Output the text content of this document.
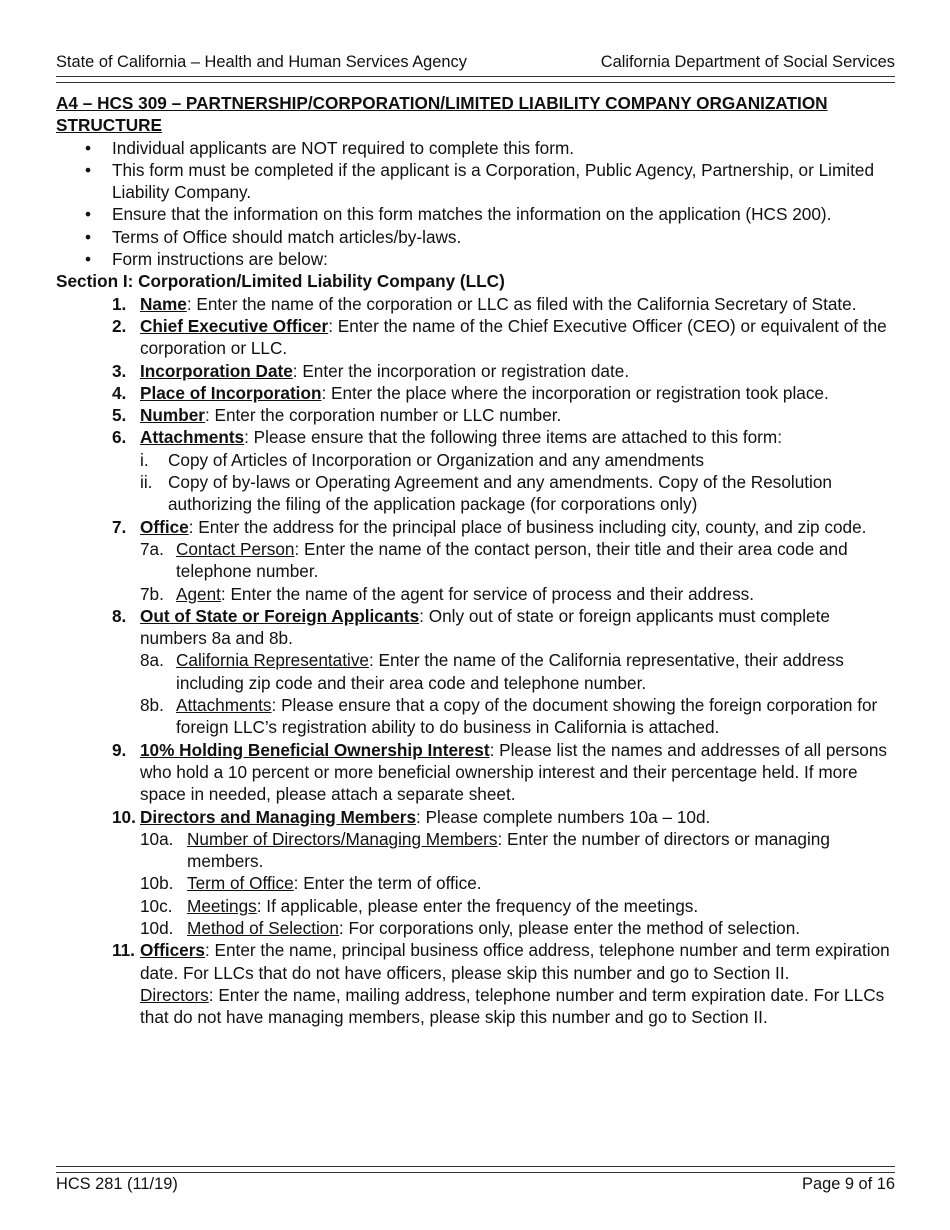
State of California – Health and Human Services Agency	California Department of Social Services

A4 – HCS 309 – PARTNERSHIP/CORPORATION/LIMITED LIABILITY COMPANY ORGANIZATION STRUCTURE

• Individual applicants are NOT required to complete this form.
• This form must be completed if the applicant is a Corporation, Public Agency, Partnership, or Limited Liability Company.
• Ensure that the information on this form matches the information on the application (HCS 200).
• Terms of Office should match articles/by-laws.
• Form instructions are below:
Section I: Corporation/Limited Liability Company (LLC)
1. Name: Enter the name of the corporation or LLC as filed with the California Secretary of State.
2. Chief Executive Officer: Enter the name of the Chief Executive Officer (CEO) or equivalent of the corporation or LLC.
3. Incorporation Date: Enter the incorporation or registration date.
4. Place of Incorporation: Enter the place where the incorporation or registration took place.
5. Number: Enter the corporation number or LLC number.
6. Attachments: Please ensure that the following three items are attached to this form:
i. Copy of Articles of Incorporation or Organization and any amendments
ii. Copy of by-laws or Operating Agreement and any amendments. Copy of the Resolution authorizing the filing of the application package (for corporations only)
7. Office: Enter the address for the principal place of business including city, county, and zip code.
7a. Contact Person: Enter the name of the contact person, their title and their area code and telephone number.
7b. Agent: Enter the name of the agent for service of process and their address.
8. Out of State or Foreign Applicants: Only out of state or foreign applicants must complete numbers 8a and 8b.
8a. California Representative: Enter the name of the California representative, their address including zip code and their area code and telephone number.
8b. Attachments: Please ensure that a copy of the document showing the foreign corporation for foreign LLC’s registration ability to do business in California is attached.
9. 10% Holding Beneficial Ownership Interest: Please list the names and addresses of all persons who hold a 10 percent or more beneficial ownership interest and their percentage held. If more space in needed, please attach a separate sheet.
10. Directors and Managing Members: Please complete numbers 10a – 10d.
10a. Number of Directors/Managing Members: Enter the number of directors or managing members.
10b. Term of Office: Enter the term of office.
10c. Meetings: If applicable, please enter the frequency of the meetings.
10d. Method of Selection: For corporations only, please enter the method of selection.
11. Officers: Enter the name, principal business office address, telephone number and term expiration date. For LLCs that do not have officers, please skip this number and go to Section II.
Directors: Enter the name, mailing address, telephone number and term expiration date. For LLCs that do not have managing members, please skip this number and go to Section II.
HCS 281 (11/19)	Page 9 of 16
